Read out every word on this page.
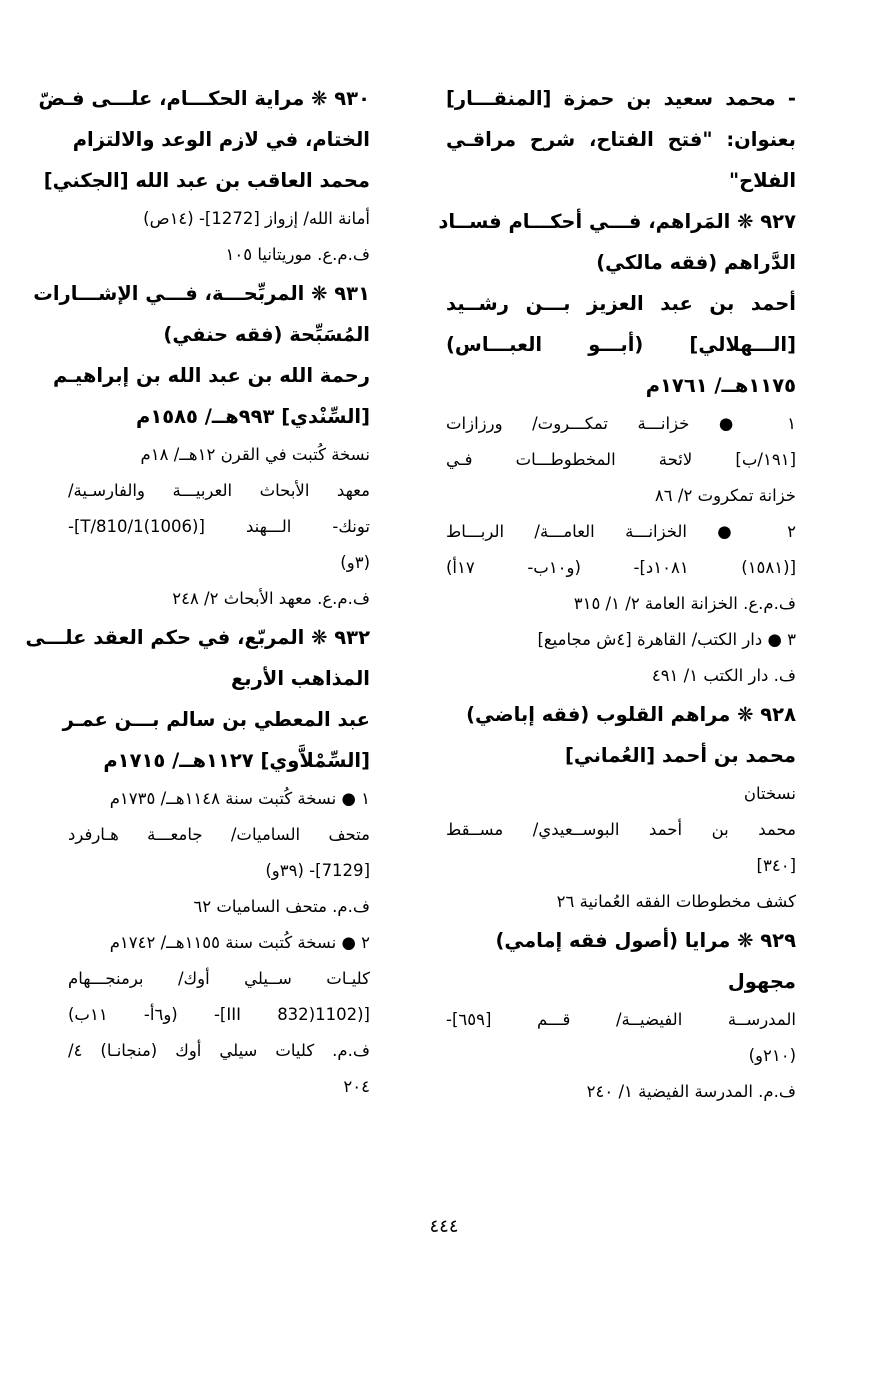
- محمد سعيد بن حمزة [المنقـــار]

بعنوان: "فتح الفتاح، شرح مراقـي

الفلاح"

٩٢٧ ❋ المَراهم، فـــي أحكـــام فســاد

الدَّراهم (فقه مالكي)

أحمد بن عبد العزيز بـــن رشــيد

[الـــهلالي] (أبـــو العبـــاس)

١١٧٥هــ/ ١٧٦١م

١ ● خزانـــة تمكـــروت/ ورزازات

[١٩١/ب] لائحة المخطوطـــات فـي

خزانة تمكروت ٢/ ٨٦

٢ ● الخزانـــة العامـــة/ الربـــاط

[(١٥٨١) ١٠٨١د]- (و١٠ب- ١٧أ)

ف.م.ع. الخزانة العامة ٢/ ١/ ٣١٥

٣ ● دار الكتب/ القاهرة [٤ش مجاميع]

ف. دار الكتب ١/ ٤٩١

٩٢٨ ❋ مراهم القلوب (فقه إباضي)

محمد بن أحمد [العُماني]

نسختان

محمد بن أحمد البوســعيدي/ مســقط

[٣٤٠]

كشف مخطوطات الفقه العُمانية ٢٦

٩٢٩ ❋ مرايا (أصول فقه إمامي)

مجهول

المدرســة الفيضيــة/ قـــم [٦٥٩]-

(٢١٠و)

ف.م. المدرسة الفيضية ١/ ٢٤٠

٩٣٠ ❋ مراية الحكـــام، علـــى فـضّ

الختام، في لازم الوعد والالتزام

محمد العاقب بن عبد الله [الجكني]

أمانة الله/ إزواز [1272]- (١٤ص)

ف.م.ع. موريتانيا ١٠٥

٩٣١ ❋ المربِّحـــة، فـــي الإشـــارات

المُسَبِّحة (فقه حنفي)

رحمة الله بن عبد الله بن إبراهيـم

[السِّنْدي] ٩٩٣هــ/ ١٥٨٥م

نسخة كُتبت في القرن ١٢هــ/ ١٨م

معهد الأبحاث العربيـــة والفارسـية/

تونك- الـــهند [T/810/1(1006)]-

(٣و)

ف.م.ع. معهد الأبحاث ٢/ ٢٤٨

٩٣٢ ❋ المربّع، في حكم العقد علـــى

المذاهب الأربع

عبد المعطي بن سالم بـــن عمـر

[السِّمْلاَّوي] ١١٢٧هــ/ ١٧١٥م

١ ● نسخة كُتبت سنة ١١٤٨هــ/ ١٧٣٥م

متحف الساميات/ جامعـــة هـارفرد

[7129]- (٣٩و)

ف.م. متحف الساميات ٦٢

٢ ● نسخة كُتبت سنة ١١٥٥هــ/ ١٧٤٢م

كليـات ســيلي أوك/ برمنجـــهام

[(1102(832 III]- (و٦أ- ١١ب)

ف.م. كليات سيلي أوك (منجانـا) ٤/

٢٠٤

٤٤٤
